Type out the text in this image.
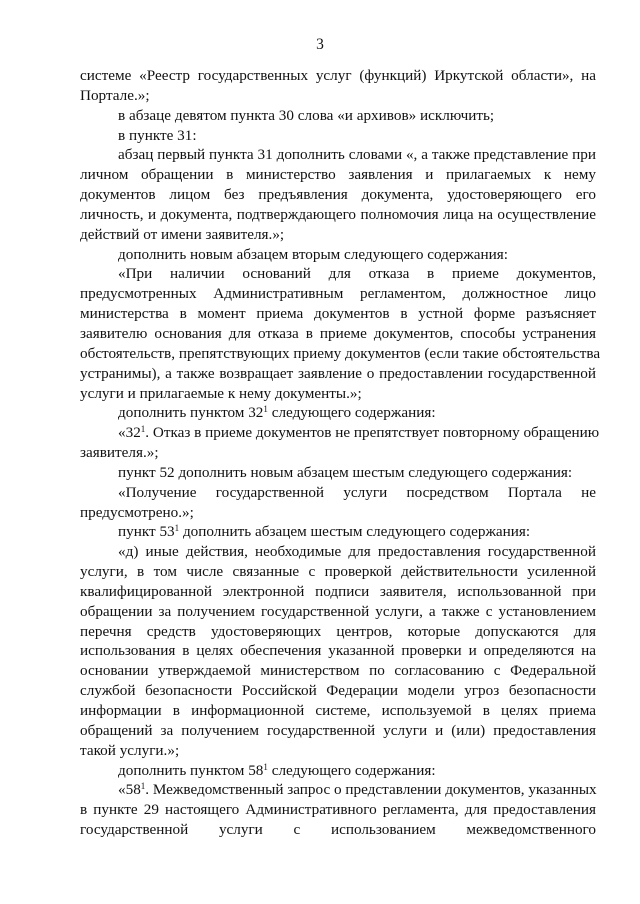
3
системе «Реестр государственных услуг (функций) Иркутской области», на
Портале.»;
в абзаце девятом пункта 30 слова «и архивов» исключить;
в пункте 31:
абзац первый пункта 31 дополнить словами «, а также представление при
личном обращении в министерство заявления и прилагаемых к нему
документов лицом без предъявления документа, удостоверяющего его
личность, и документа, подтверждающего полномочия лица на осуществление
действий от имени заявителя.»;
дополнить новым абзацем вторым следующего содержания:
«При наличии оснований для отказа в приеме документов,
предусмотренных Административным регламентом, должностное лицо
министерства в момент приема документов в устной форме разъясняет
заявителю основания для отказа в приеме документов, способы устранения
обстоятельств, препятствующих приему документов (если такие обстоятельства
устранимы), а также возвращает заявление о предоставлении государственной
услуги и прилагаемые к нему документы.»;
дополнить пунктом $32^1$ следующего содержания:
«$32^1$. Отказ в приеме документов не препятствует повторному обращению
заявителя.»;
пункт 52 дополнить новым абзацем шестым следующего содержания:
«Получение государственной услуги посредством Портала не
предусмотрено.»;
пункт $53^1$ дополнить абзацем шестым следующего содержания:
«д) иные действия, необходимые для предоставления государственной
услуги, в том числе связанные с проверкой действительности усиленной
квалифицированной электронной подписи заявителя, использованной при
обращении за получением государственной услуги, а также с установлением
перечня средств удостоверяющих центров, которые допускаются для
использования в целях обеспечения указанной проверки и определяются на
основании утверждаемой министерством по согласованию с Федеральной
службой безопасности Российской Федерации модели угроз безопасности
информации в информационной системе, используемой в целях приема
обращений за получением государственной услуги и (или) предоставления
такой услуги.»;
дополнить пунктом $58^1$ следующего содержания:
«$58^1$. Межведомственный запрос о представлении документов, указанных
в пункте 29 настоящего Административного регламента, для предоставления
государственной услуги с использованием межведомственного
